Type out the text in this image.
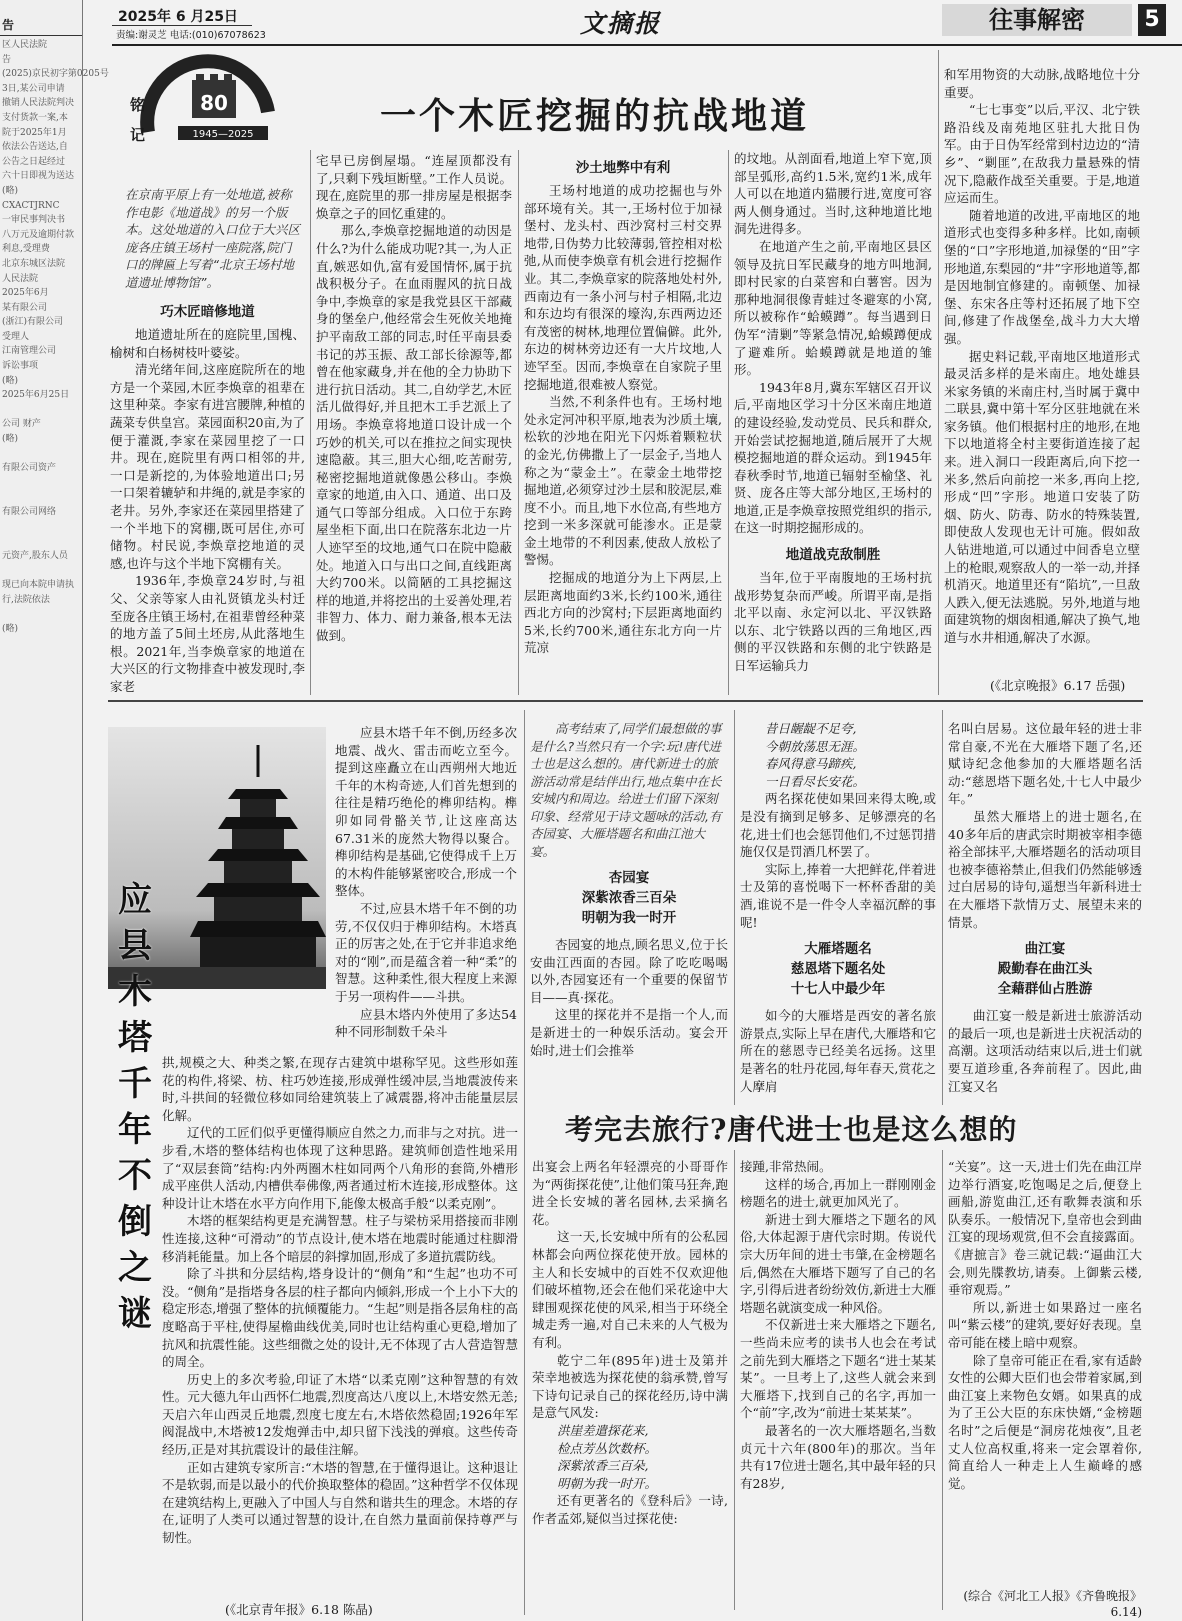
告

区人民法院

告

(2025)京民初字第0205号

3日,某公司申请

撤销人民法院判决

支付货款一案,本

院于2025年1月

依法公告送达,自

公告之日起经过

六十日即视为送达

(略)

CXACTJRNC

一审民事判决书

八万元及逾期付款

利息,受理费

北京东城区法院

人民法院

2025年6月

某有限公司

(浙江)有限公司

受理人

江南管理公司

诉讼事项

(略)

2025年6月25日

公司 财产

(略)

有限公司资产

有限公司网络

元资产,股东人员

现已向本院申请执

行,法院依法

(略)

2025年 6 月25日
责编:谢灵芝 电话:(010)67078623	文摘报	往事解密	5
80
1945—2025
铭记	一个木匠挖掘的抗战地道
在京南平原上有一处地道,被称作电影《地道战》的另一个版本。这处地道的入口位于大兴区庞各庄镇王场村一座院落,院门口的牌匾上写着“北京王场村地道遗址博物馆”。
巧木匠暗修地道

地道遗址所在的庭院里,国槐、榆树和白杨树枝叶婆娑。

清光绪年间,这座庭院所在的地方是一个菜园,木匠李焕章的祖辈在这里种菜。李家有进宫腰牌,种植的蔬菜专供皇宫。菜园面积20亩,为了便于灌溉,李家在菜园里挖了一口井。现在,庭院里有两口相邻的井,一口是新挖的,为体验地道出口;另一口架着辘轳和井绳的,就是李家的老井。另外,李家还在菜园里搭建了一个半地下的窝棚,既可居住,亦可储物。村民说,李焕章挖地道的灵感,也许与这个半地下窝棚有关。

1936年,李焕章24岁时,与祖父、父亲等家人由礼贤镇龙头村迁至庞各庄镇王场村,在祖辈曾经种菜的地方盖了5间土坯房,从此落地生根。2021年,当李焕章家的地道在大兴区的行文物排查中被发现时,李家老

宅早已房倒屋塌。“连屋顶都没有了,只剩下残垣断壁。”工作人员说。现在,庭院里的那一排房屋是根据李焕章之子的回忆重建的。

那么,李焕章挖掘地道的动因是什么?为什么能成功呢?其一,为人正直,嫉恶如仇,富有爱国情怀,属于抗战积极分子。在血雨腥风的抗日战争中,李焕章的家是我党县区干部藏身的堡垒户,他经常会生死攸关地掩护平南敌工部的同志,时任平南县委书记的苏玉振、敌工部长徐源等,都曾在他家藏身,并在他的全力协助下进行抗日活动。其二,自幼学艺,木匠活儿做得好,并且把木工手艺派上了用场。李焕章将地道口设计成一个巧妙的机关,可以在推拉之间实现快速隐蔽。其三,胆大心细,吃苦耐劳,秘密挖掘地道就像愚公移山。李焕章家的地道,由入口、通道、出口及通气口等部分组成。入口位于东跨屋坐柜下面,出口在院落东北边一片人迹罕至的坟地,通气口在院中隐蔽处。地道入口与出口之间,直线距离大约700米。以简陋的工具挖掘这样的地道,并将挖出的土妥善处理,若非智力、体力、耐力兼备,根本无法做到。

沙土地弊中有利

王场村地道的成功挖掘也与外部环境有关。其一,王场村位于加禄堡村、龙头村、西沙窝村三村交界地带,日伪势力比较薄弱,管控相对松弛,从而使李焕章有机会进行挖掘作业。其二,李焕章家的院落地处村外,西南边有一条小河与村子相隔,北边和东边均有很深的壕沟,东西两边还有茂密的树林,地理位置偏僻。此外,东边的树林旁边还有一大片坟地,人迹罕至。因而,李焕章在自家院子里挖掘地道,很难被人察觉。

当然,不利条件也有。王场村地处永定河冲积平原,地表为沙质土壤,松软的沙地在阳光下闪烁着颗粒状的金光,仿佛撒上了一层金子,当地人称之为“蒙金土”。在蒙金土地带挖掘地道,必须穿过沙土层和胶泥层,难度不小。而且,地下水位高,有些地方挖到一米多深就可能渗水。正是蒙金土地带的不利因素,使敌人放松了警惕。

挖掘成的地道分为上下两层,上层距离地面约3米,长约100米,通往西北方向的沙窝村;下层距离地面约5米,长约700米,通往东北方向一片荒凉

的坟地。从剖面看,地道上窄下宽,顶部呈弧形,高约1.5米,宽约1米,成年人可以在地道内猫腰行进,宽度可容两人侧身通过。当时,这种地道比地洞先进得多。

在地道产生之前,平南地区县区领导及抗日军民藏身的地方叫地洞,即村民家的白菜窖和白薯窖。因为那种地洞很像青蛙过冬避寒的小窝,所以被称作“蛤蟆蹲”。每当遇到日伪军“清剿”等紧急情况,蛤蟆蹲便成了避难所。蛤蟆蹲就是地道的雏形。

1943年8月,冀东军辖区召开议后,平南地区学习十分区米南庄地道的建设经验,发动党员、民兵和群众,开始尝试挖掘地道,随后展开了大规模挖掘地道的群众运动。到1945年春秋季时节,地道已辐射至榆垡、礼贤、庞各庄等大部分地区,王场村的地道,正是李焕章按照党组织的指示,在这一时期挖掘形成的。

地道战克敌制胜

当年,位于平南腹地的王场村抗战形势复杂而严峻。所谓平南,是指北平以南、永定河以北、平汉铁路以东、北宁铁路以西的三角地区,西侧的平汉铁路和东侧的北宁铁路是日军运输兵力

和军用物资的大动脉,战略地位十分重要。

“七七事变”以后,平汉、北宁铁路沿线及南苑地区驻扎大批日伪军。由于日伪军经常到村边边的“清乡”、“剿匪”,在敌我力量悬殊的情况下,隐蔽作战至关重要。于是,地道应运而生。

随着地道的改进,平南地区的地道形式也变得多种多样。比如,南顿堡的“口”字形地道,加禄堡的“田”字形地道,东梨园的“井”字形地道等,都是因地制宜修建的。南顿堡、加禄堡、东宋各庄等村还拓展了地下空间,修建了作战堡垒,战斗力大大增强。

据史料记载,平南地区地道形式最灵活多样的是米南庄。地处雄县米家务镇的米南庄村,当时属于冀中二联县,冀中第十军分区驻地就在米家务镇。他们根据村庄的地形,在地下以地道将全村主要街道连接了起来。进入洞口一段距离后,向下挖一米多,然后向前挖一米多,再向上挖,形成“凹”字形。地道口安装了防烟、防火、防毒、防水的特殊装置,即使敌人发现也无计可施。假如敌人钻进地道,可以通过中间香皂立壁上的枪眼,观察敌人的一举一动,并择机消灭。地道里还有“陷坑”,一旦敌人跌入,便无法逃脱。另外,地道与地面建筑物的烟囱相通,解决了换气,地道与水井相通,解决了水源。

(《北京晚报》6.17 岳强)
应县木塔千年不倒之谜

应县木塔千年不倒,历经多次地震、战火、雷击而屹立至今。提到这座矗立在山西朔州大地近千年的木构奇迹,人们首先想到的往往是精巧绝伦的榫卯结构。榫卯如同骨骼关节,让这座高达67.31米的庞然大物得以聚合。榫卯结构是基础,它使得成千上万的木构件能够紧密咬合,形成一个整体。

不过,应县木塔千年不倒的功劳,不仅仅归于榫卯结构。木塔真正的厉害之处,在于它并非追求绝对的“刚”,而是蕴含着一种“柔”的智慧。这种柔性,很大程度上来源于另一项构件——斗拱。

应县木塔内外使用了多达54种不同形制数千朵斗

拱,规模之大、种类之繁,在现存古建筑中堪称罕见。这些形如莲花的构件,将梁、枋、柱巧妙连接,形成弹性缓冲层,当地震波传来时,斗拱间的轻微位移如同给建筑装上了减震器,将冲击能量层层化解。

辽代的工匠们似乎更懂得顺应自然之力,而非与之对抗。进一步看,木塔的整体结构也体现了这种思路。建筑师创造性地采用了“双层套筒”结构:内外两圈木柱如同两个八角形的套筒,外槽形成平座供人活动,内槽供奉佛像,两者通过桁木连接,形成整体。这种设计让木塔在水平方向作用下,能像太极高手般“以柔克刚”。

木塔的框架结构更是充满智慧。柱子与梁枋采用搭接而非刚性连接,这种“可滑动”的节点设计,使木塔在地震时能通过柱脚滑移消耗能量。加上各个暗层的斜撑加固,形成了多道抗震防线。

除了斗拱和分层结构,塔身设计的“侧角”和“生起”也功不可没。“侧角”是指塔身各层的柱子都向内倾斜,形成一个上小下大的稳定形态,增强了整体的抗倾覆能力。“生起”则是指各层角柱的高度略高于平柱,使得屋檐曲线优美,同时也让结构重心更稳,增加了抗风和抗震性能。这些细微之处的设计,无不体现了古人营造智慧的周全。

历史上的多次考验,印证了木塔“以柔克刚”这种智慧的有效性。元大德九年山西怀仁地震,烈度高达八度以上,木塔安然无恙;天启六年山西灵丘地震,烈度七度左右,木塔依然稳固;1926年军阀混战中,木塔被12发炮弹击中,却只留下浅浅的弹痕。这些传奇经历,正是对其抗震设计的最佳注解。

正如古建筑专家所言:“木塔的智慧,在于懂得退让。这种退让不是软弱,而是以最小的代价换取整体的稳固。”这种哲学不仅体现在建筑结构上,更融入了中国人与自然和谐共生的理念。木塔的存在,证明了人类可以通过智慧的设计,在自然力量面前保持尊严与韧性。

(《北京青年报》6.18 陈晶)

高考结束了,同学们最想做的事是什么?当然只有一个字:玩!唐代进士也是这么想的。唐代新进士的旅游活动常是结伴出行,地点集中在长安城内和周边。给进士们留下深刻印象、经常见于诗文题咏的活动,有杏园宴、大雁塔题名和曲江池大宴。

杏园宴
深紫浓香三百朵
明朝为我一时开

杏园宴的地点,顾名思义,位于长安曲江西面的杏园。除了吃吃喝喝以外,杏园宴还有一个重要的保留节目——真·探花。

这里的探花并不是指一个人,而是新进士的一种娱乐活动。宴会开始时,进士们会推举

昔日龌龊不足夸,
今朝放荡思无涯。
春风得意马蹄疾,
一日看尽长安花。

两名探花使如果回来得太晚,或是没有摘到足够多、足够漂亮的名花,进士们也会惩罚他们,不过惩罚措施仅仅是罚酒几杯罢了。

实际上,捧着一大把鲜花,伴着进士及第的喜悦喝下一杯杯香甜的美酒,谁说不是一件令人幸福沉醉的事呢!

大雁塔题名
慈恩塔下题名处
十七人中最少年

如今的大雁塔是西安的著名旅游景点,实际上早在唐代,大雁塔和它所在的慈恩寺已经美名远扬。这里是著名的牡丹花园,每年春天,赏花之人摩肩

名叫白居易。这位最年轻的进士非常自豪,不光在大雁塔下题了名,还赋诗纪念他参加的大雁塔题名活动:“慈恩塔下题名处,十七人中最少年。”

虽然大雁塔上的进士题名,在40多年后的唐武宗时期被宰相李德裕全部抹平,大雁塔题名的活动项目也被李德裕禁止,但我们仍然能够透过白居易的诗句,遥想当年新科进士在大雁塔下款情万丈、展望未来的情景。

曲江宴
殿勤春在曲江头
全藉群仙占胜游

曲江宴一般是新进士旅游活动的最后一项,也是新进士庆祝活动的高潮。这项活动结束以后,进士们就要互道珍重,各奔前程了。因此,曲江宴又名

考完去旅行?唐代进士也是这么想的

出宴会上两名年轻漂亮的小哥哥作为“两街探花使”,让他们策马狂奔,跑进全长安城的著名园林,去采摘名花。

这一天,长安城中所有的公私园林都会向两位探花使开放。园林的主人和长安城中的百姓不仅欢迎他们破坏植物,还会在他们采花途中大肆围观探花使的风采,相当于环绕全城走秀一遍,对自己未来的人气极为有利。

乾宁二年(895年)进士及第并荣幸地被选为探花使的翁承赞,曾写下诗句记录自己的探花经历,诗中满是意气风发:

洪崖差遣探花来,
检点芳丛饮数杯。
深紫浓香三百朵,
明朝为我一时开。

还有更著名的《登科后》一诗,作者孟郊,疑似当过探花使:

接踵,非常热闹。

这样的场合,再加上一群刚刚金榜题名的进士,就更加风光了。

新进士到大雁塔之下题名的风俗,大体起源于唐代宗时期。传说代宗大历年间的进士韦肇,在金榜题名后,偶然在大雁塔下题写了自己的名字,引得后进者纷纷效仿,新进士大雁塔题名就演变成一种风俗。

不仅新进士来大雁塔之下题名,一些尚未应考的读书人也会在考试之前先到大雁塔之下题名“进士某某某”。一旦考上了,这些人就会来到大雁塔下,找到自己的名字,再加一个“前”字,改为“前进士某某某”。

最著名的一次大雁塔题名,当数贞元十六年(800年)的那次。当年共有17位进士题名,其中最年轻的只有28岁,

“关宴”。这一天,进士们先在曲江岸边举行酒宴,吃饱喝足之后,便登上画船,游览曲江,还有歌舞表演和乐队奏乐。一般情况下,皇帝也会到曲江宴的现场观赏,但不会直接露面。《唐摭言》卷三就记载:“逼曲江大会,则先牒教坊,请奏。上御紫云楼,垂帘观焉。”

所以,新进士如果路过一座名叫“紫云楼”的建筑,要好好表现。皇帝可能在楼上暗中观察。

除了皇帝可能正在看,家有适龄女性的公卿大臣们也会带着家属,到曲江宴上来物色女婿。如果真的成为了王公大臣的东床快婿,“金榜题名时”之后便是“洞房花烛夜”,且老丈人位高权重,将来一定会罩着你,简直给人一种走上人生巅峰的感觉。

(综合《河北工人报》《齐鲁晚报》6.14)
